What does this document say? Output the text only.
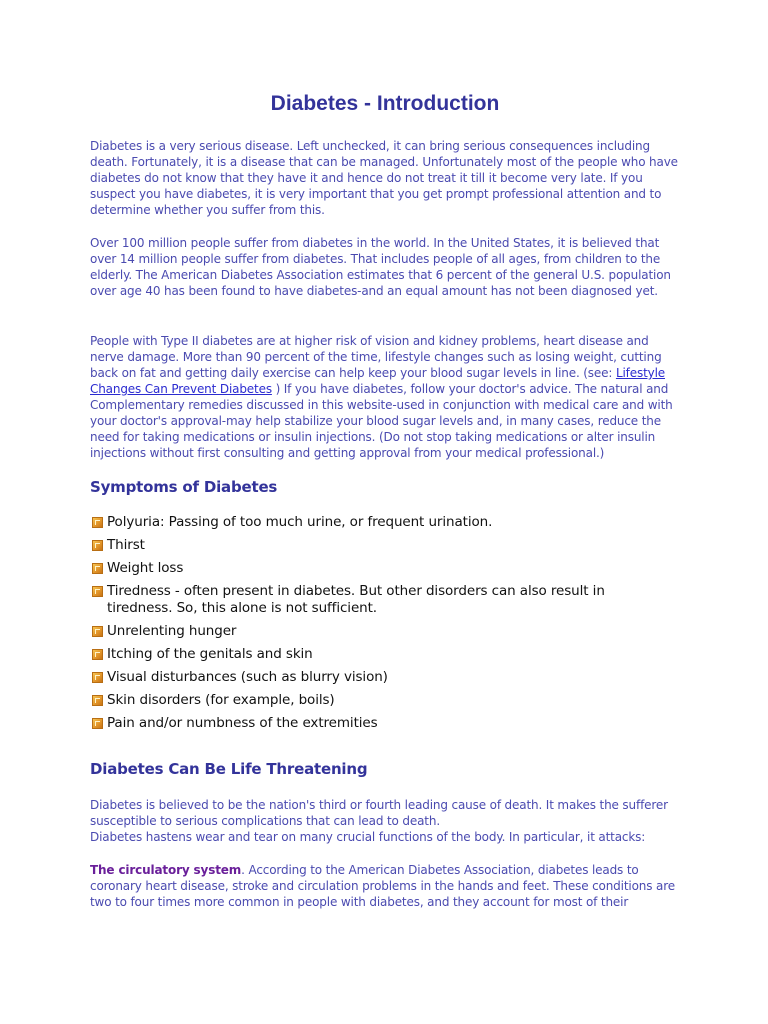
Diabetes - Introduction

Diabetes is a very serious disease. Left unchecked, it can bring serious consequences including death. Fortunately, it is a disease that can be managed. Unfortunately most of the people who have diabetes do not know that they have it and hence do not treat it till it become very late. If you suspect you have diabetes, it is very important that you get prompt professional attention and to determine whether you suffer from this.

Over 100 million people suffer from diabetes in the world. In the United States, it is believed that over 14 million people suffer from diabetes. That includes people of all ages, from children to the elderly. The American Diabetes Association estimates that 6 percent of the general U.S. population over age 40 has been found to have diabetes-and an equal amount has not been diagnosed yet.

People with Type II diabetes are at higher risk of vision and kidney problems, heart disease and nerve damage. More than 90 percent of the time, lifestyle changes such as losing weight, cutting back on fat and getting daily exercise can help keep your blood sugar levels in line. (see: Lifestyle Changes Can Prevent Diabetes ) If you have diabetes, follow your doctor's advice. The natural and Complementary remedies discussed in this website-used in conjunction with medical care and with your doctor's approval-may help stabilize your blood sugar levels and, in many cases, reduce the need for taking medications or insulin injections. (Do not stop taking medications or alter insulin injections without first consulting and getting approval from your medical professional.)

Symptoms of Diabetes
Polyuria: Passing of too much urine, or frequent urination.
Thirst
Weight loss
Tiredness - often present in diabetes. But other disorders can also result in tiredness. So, this alone is not sufficient.
Unrelenting hunger
Itching of the genitals and skin
Visual disturbances (such as blurry vision)
Skin disorders (for example, boils)
Pain and/or numbness of the extremities
Diabetes Can Be Life Threatening

Diabetes is believed to be the nation's third or fourth leading cause of death. It makes the sufferer susceptible to serious complications that can lead to death.
Diabetes hastens wear and tear on many crucial functions of the body. In particular, it attacks:

The circulatory system. According to the American Diabetes Association, diabetes leads to coronary heart disease, stroke and circulation problems in the hands and feet. These conditions are two to four times more common in people with diabetes, and they account for most of their
